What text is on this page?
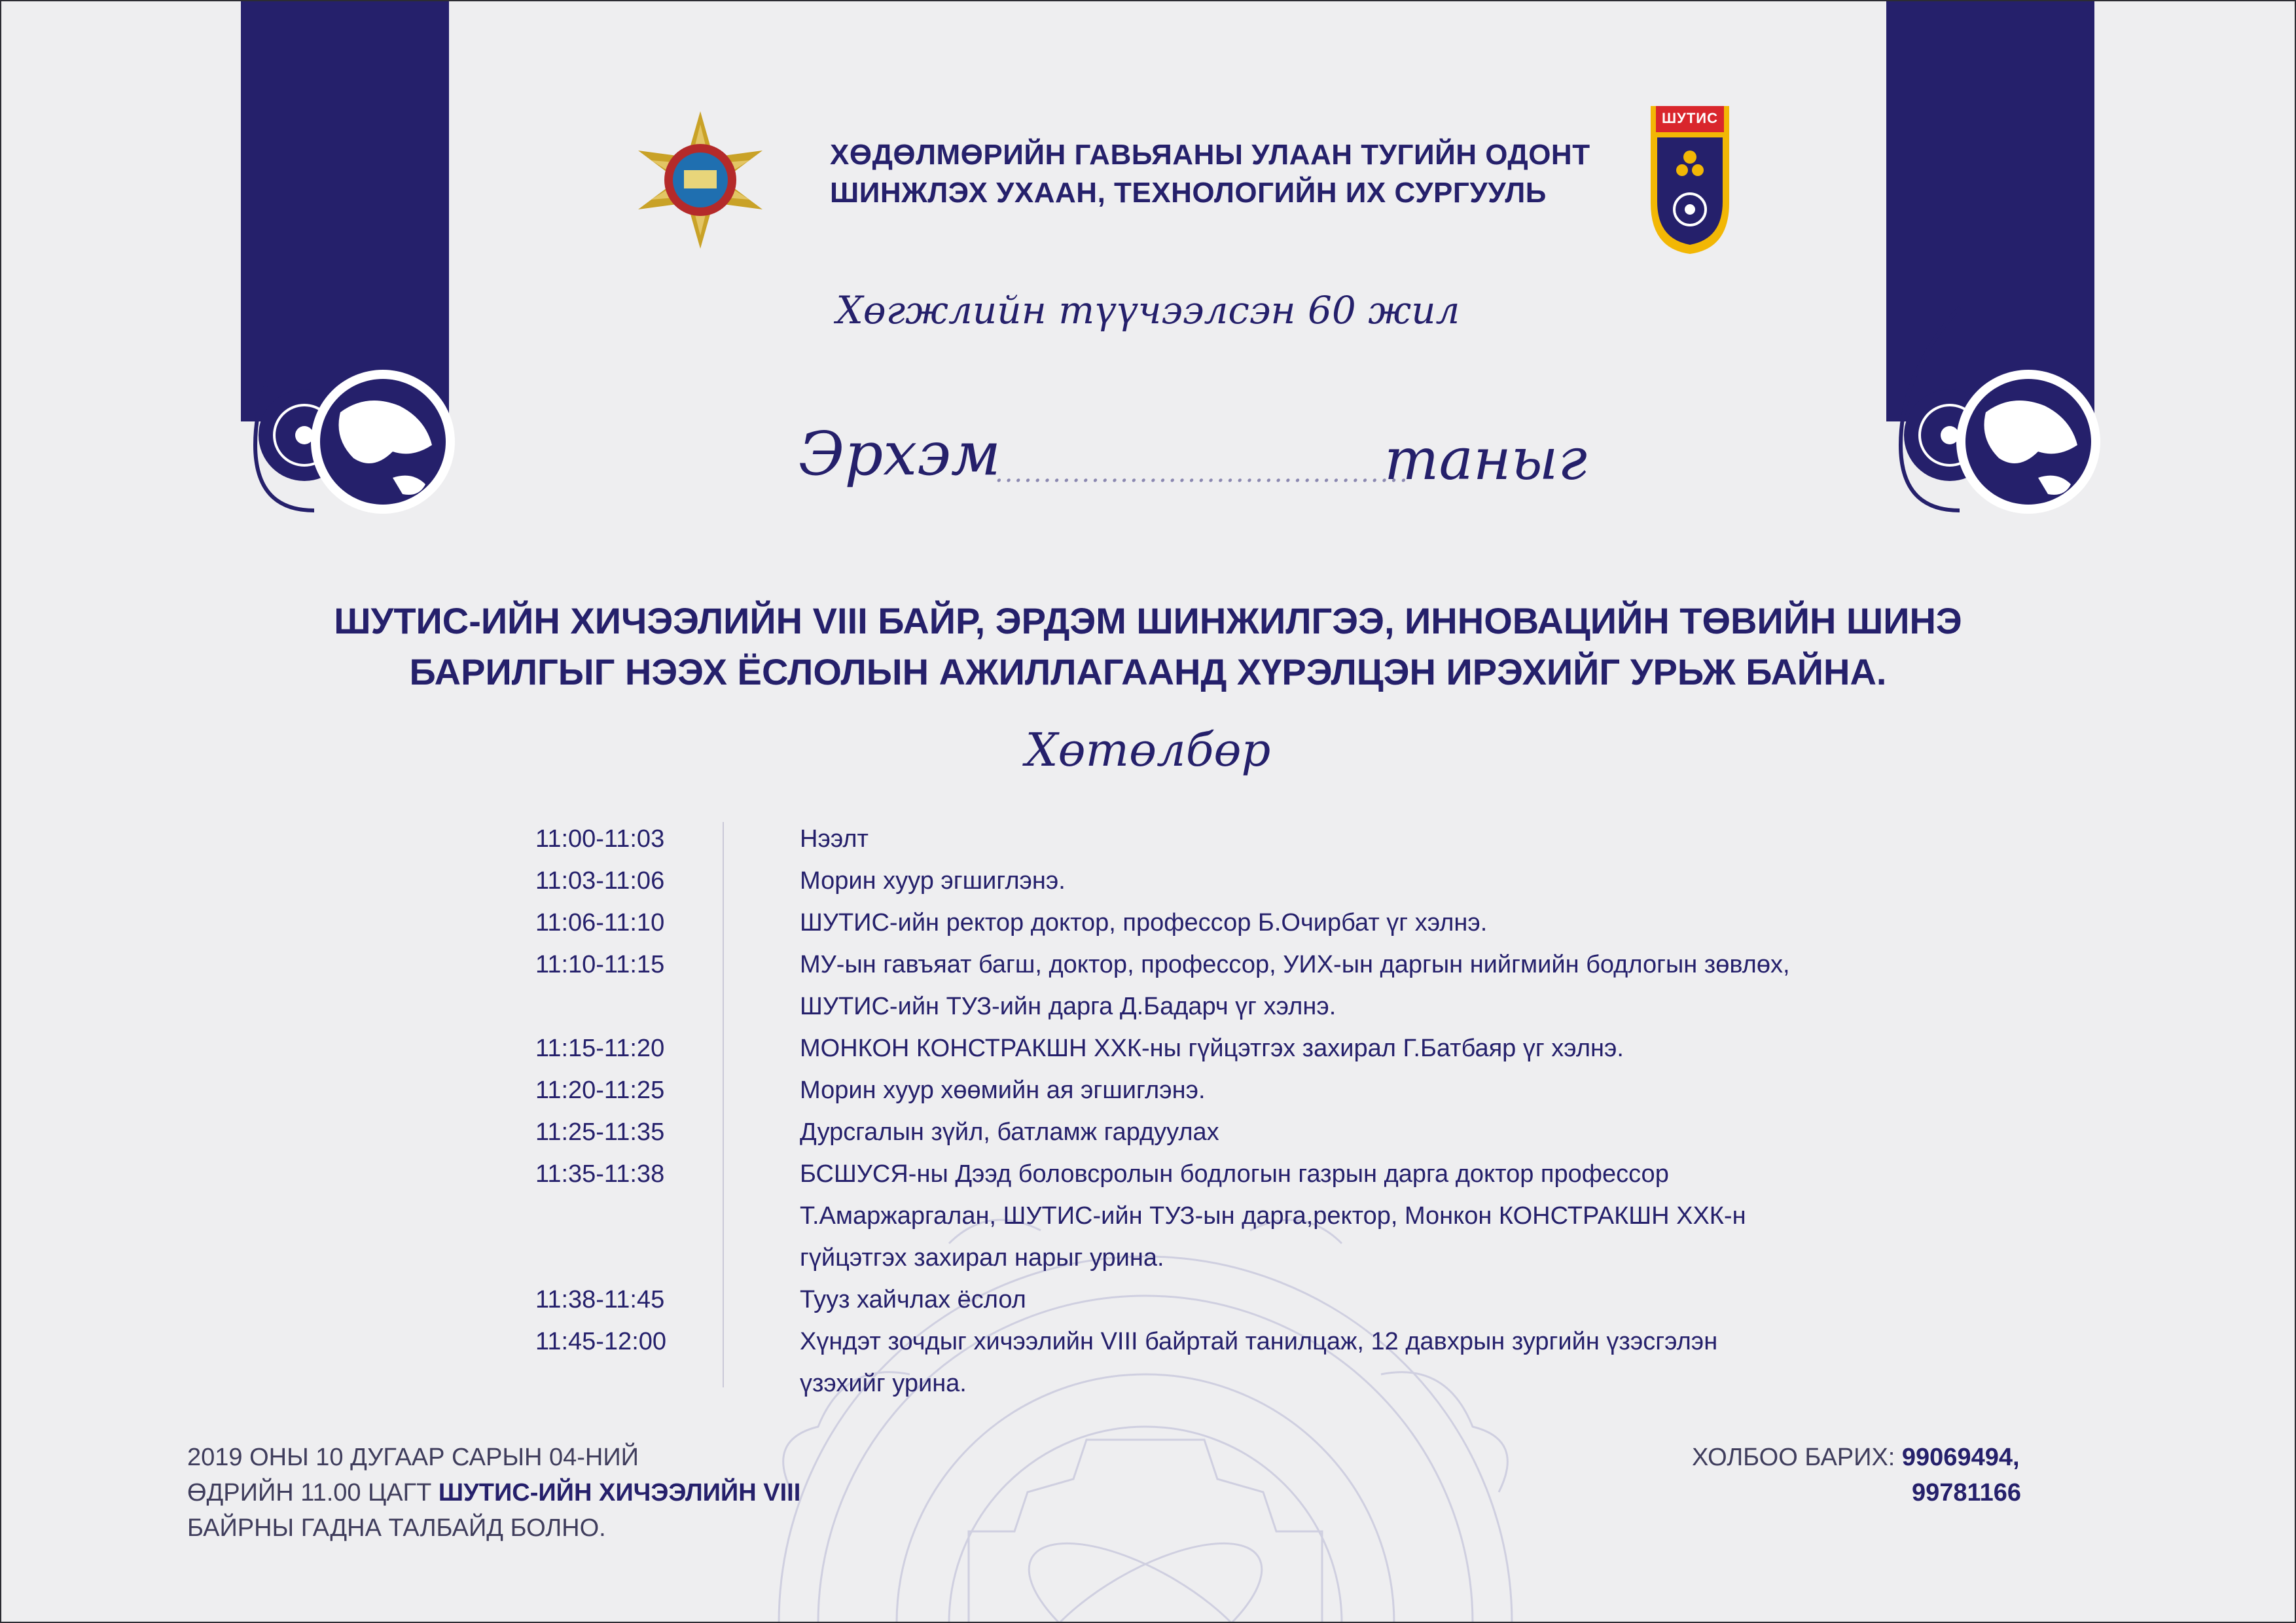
ХӨДӨЛМӨРИЙН ГАВЬЯАНЫ УЛААН ТУГИЙН ОДОНТ
ШИНЖЛЭХ УХААН, ТЕХНОЛОГИЙН ИХ СУРГУУЛЬ
ШУТИС
Хөгжлийн түүчээлсэн 60 жил
Эрхэм
...........................................
таныг
ШУТИС-ИЙН ХИЧЭЭЛИЙН VIII БАЙР, ЭРДЭМ ШИНЖИЛГЭЭ, ИННОВАЦИЙН ТӨВИЙН ШИНЭ
БАРИЛГЫГ НЭЭХ ЁСЛОЛЫН АЖИЛЛАГААНД ХҮРЭЛЦЭН ИРЭХИЙГ УРЬЖ БАЙНА.
Хөтөлбөр
11:00-11:03	Нээлт
11:03-11:06	Морин хуур эгшиглэнэ.
11:06-11:10	ШУТИС-ийн ректор доктор, профессор Б.Очирбат үг хэлнэ.
11:10-11:15	МУ-ын гавъяат багш, доктор, профессор, УИХ-ын даргын нийгмийн бодлогын зөвлөх,
ШУТИС-ийн ТУЗ-ийн дарга Д.Бадарч үг хэлнэ.
11:15-11:20	МОНКОН КОНСТРАКШН ХХК-ны гүйцэтгэх захирал Г.Батбаяр үг хэлнэ.
11:20-11:25	Морин хуур хөөмийн ая эгшиглэнэ.
11:25-11:35	Дурсгалын зүйл, батламж гардуулах
11:35-11:38	БСШУСЯ-ны Дээд боловсролын бодлогын газрын дарга доктор профессор
Т.Амаржаргалан, ШУТИС-ийн ТУЗ-ын дарга,ректор, Монкон КОНСТРАКШН ХХК-н
гүйцэтгэх захирал нарыг урина.
11:38-11:45	Тууз хайчлах ёслол
11:45-12:00	Хүндэт зочдыг хичээлийн VIII байртай танилцаж, 12 давхрын зургийн үзэсгэлэн
үзэхийг урина.
2019 ОНЫ 10 ДУГААР САРЫН 04-НИЙ
ӨДРИЙН 11.00 ЦАГТ ШУТИС-ИЙН ХИЧЭЭЛИЙН VIII
БАЙРНЫ ГАДНА ТАЛБАЙД БОЛНО.
ХОЛБОО БАРИХ: 99069494,
99781166
